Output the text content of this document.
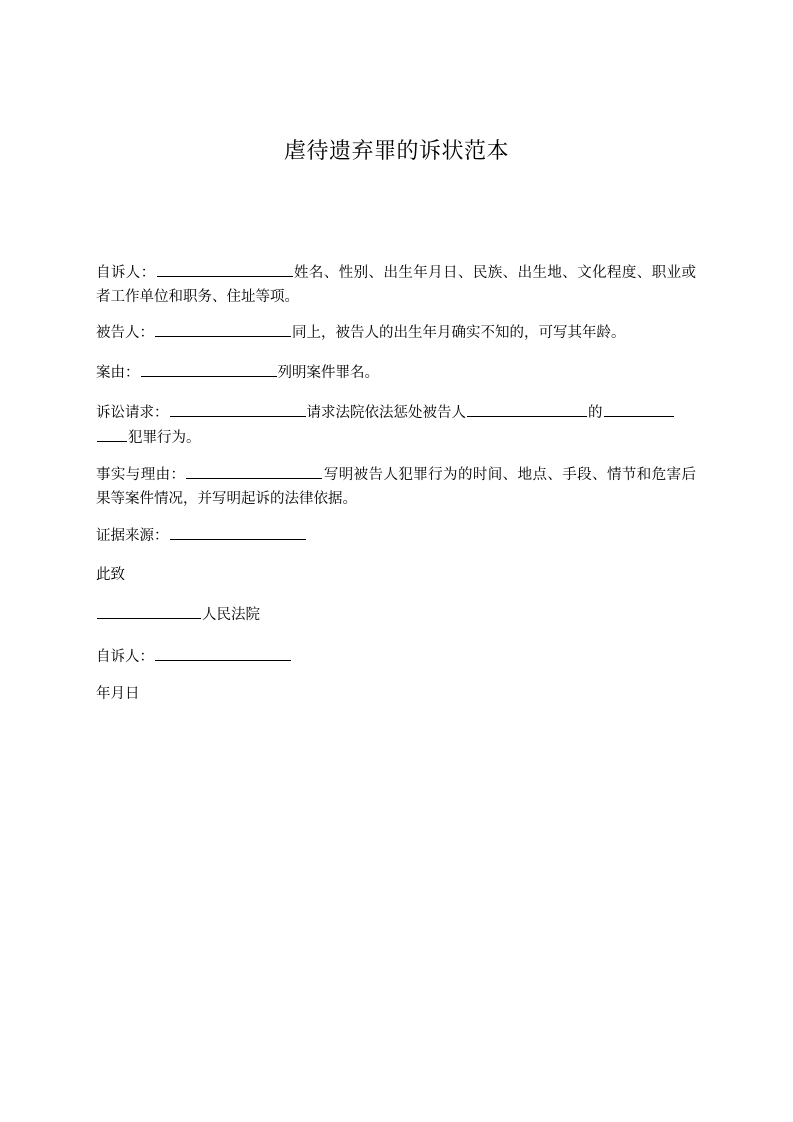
虐待遗弃罪的诉状范本
自诉人：	姓名、性别、出生年月日、民族、出生地、文化程度、职业或者工作单位和职务、住址等项。
被告人：	同上，被告人的出生年月确实不知的，可写其年龄。
案由：	列明案件罪名。
诉讼请求：	请求法院依法惩处被告人	的
犯罪行为。
事实与理由：	写明被告人犯罪行为的时间、地点、手段、情节和危害后果等案件情况，并写明起诉的法律依据。
证据来源：
此致
人民法院
自诉人：
年月日
